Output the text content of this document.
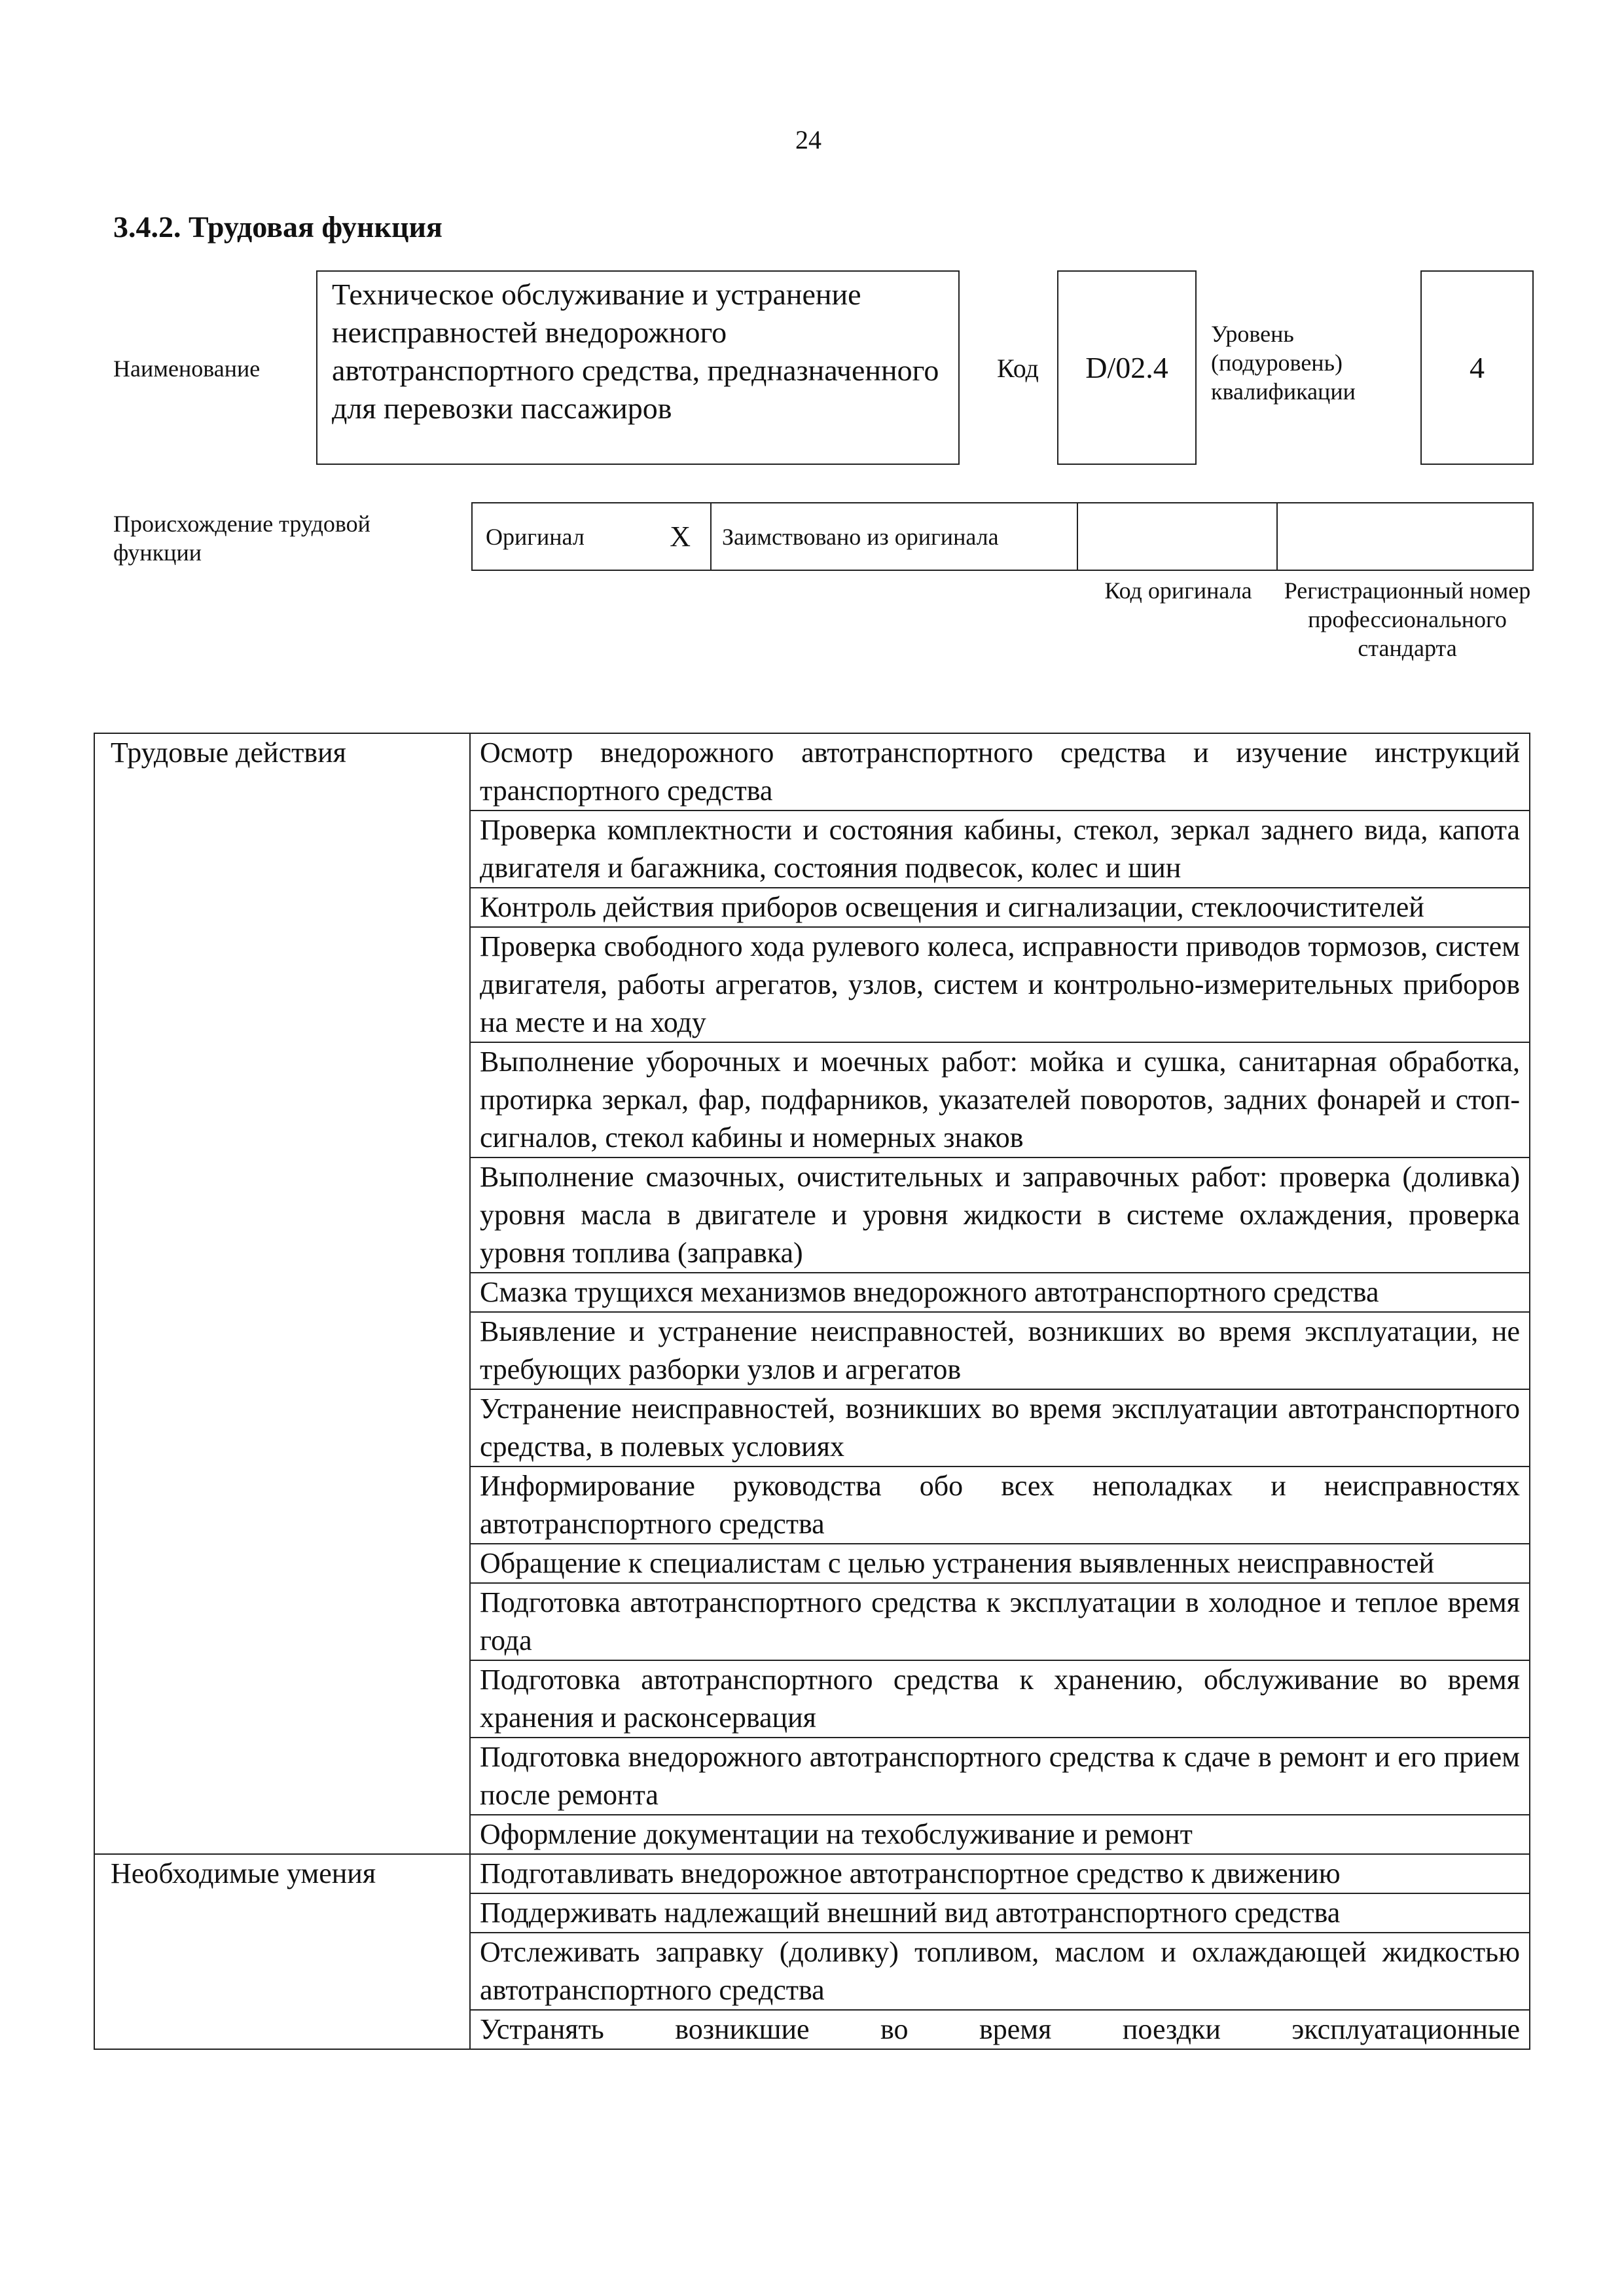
24
3.4.2. Трудовая функция
Наименование
Техническое обслуживание и устранение неисправностей внедорожного автотранспортного средства, предназначенного для перевозки пассажиров
Код	D/02.4
Уровень (подуровень) квалификации
4
Происхождение трудовой функции
Оригинал	X Заимствовано из оригинала
Код оригинала	Регистрационный номер профессионального стандарта
Трудовые действия	Осмотр внедорожного автотранспортного средства и изучение инструкций транспортного средства
	Проверка комплектности и состояния кабины, стекол, зеркал заднего вида, капота двигателя и багажника, состояния подвесок, колес и шин
	Контроль действия приборов освещения и сигнализации, стеклоочистителей
	Проверка свободного хода рулевого колеса, исправности приводов тормозов, систем двигателя, работы агрегатов, узлов, систем и контрольно-измерительных приборов на месте и на ходу
	Выполнение уборочных и моечных работ: мойка и сушка, санитарная обработка, протирка зеркал, фар, подфарников, указателей поворотов, задних фонарей и стоп-сигналов, стекол кабины и номерных знаков
	Выполнение смазочных, очистительных и заправочных работ: проверка (доливка) уровня масла в двигателе и уровня жидкости в системе охлаждения, проверка уровня топлива (заправка)
	Смазка трущихся механизмов внедорожного автотранспортного средства
	Выявление и устранение неисправностей, возникших во время эксплуатации, не требующих разборки узлов и агрегатов
	Устранение неисправностей, возникших во время эксплуатации автотранспортного средства, в полевых условиях
	Информирование руководства обо всех неполадках и неисправностях автотранспортного средства
	Обращение к специалистам с целью устранения выявленных неисправностей
	Подготовка автотранспортного средства к эксплуатации в холодное и теплое время года
	Подготовка автотранспортного средства к хранению, обслуживание во время хранения и расконсервация
	Подготовка внедорожного автотранспортного средства к сдаче в ремонт и его прием после ремонта
	Оформление документации на техобслуживание и ремонт
Необходимые умения	Подготавливать внедорожное автотранспортное средство к движению
	Поддерживать надлежащий внешний вид автотранспортного средства
	Отслеживать заправку (доливку) топливом, маслом и охлаждающей жидкостью автотранспортного средства
	Устранять возникшие во время поездки эксплуатационные
